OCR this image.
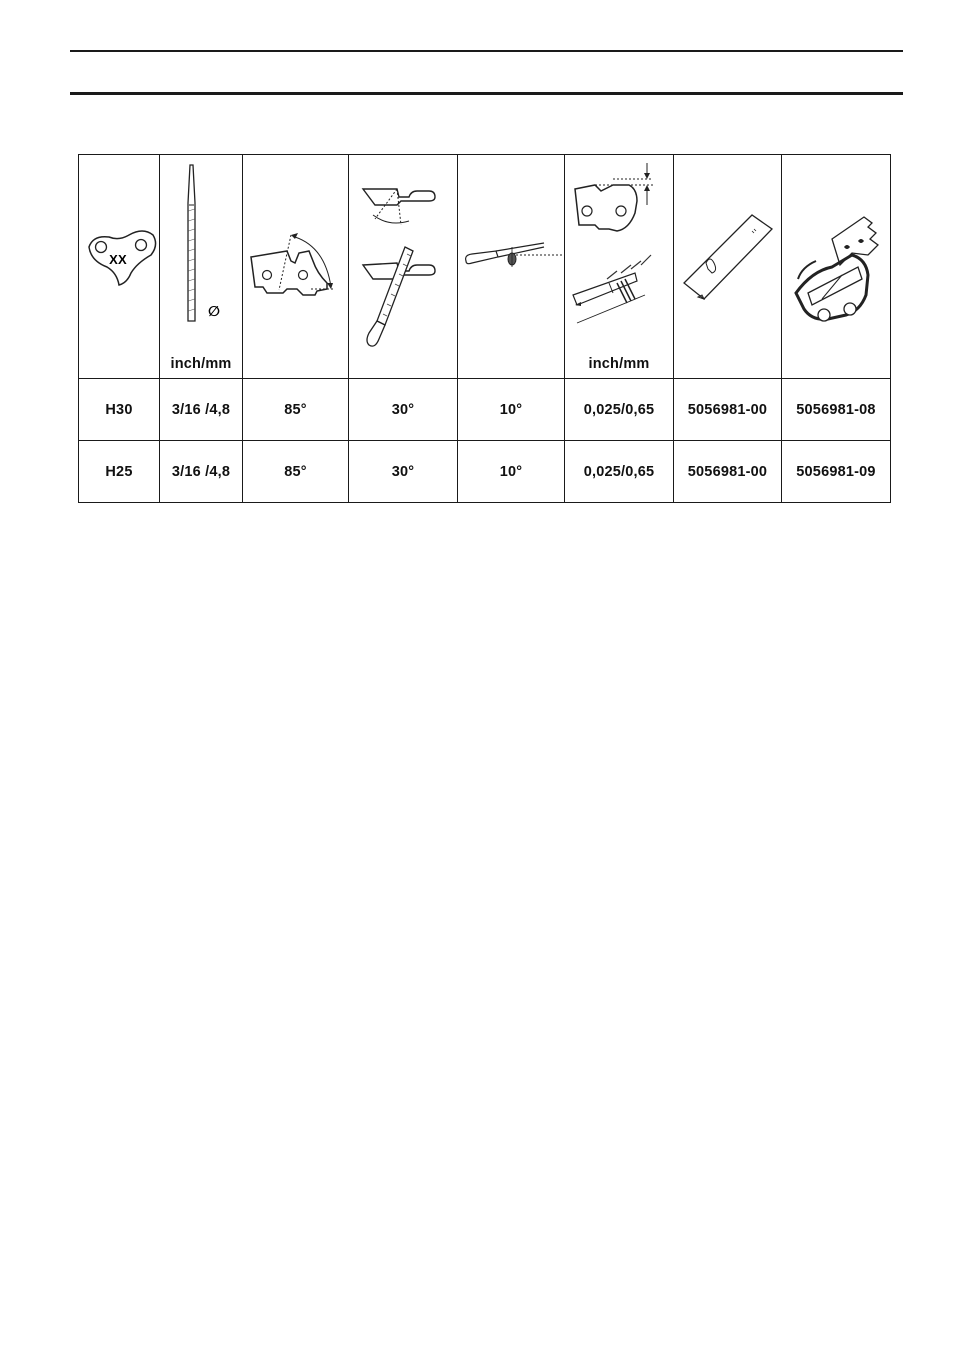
XX	∅
inch/mm				inch/mm

H30	3/16 /4,8	85°	30°	10°	0,025/0,65	5056981-00	5056981-08
H25	3/16 /4,8	85°	30°	10°	0,025/0,65	5056981-00	5056981-09
